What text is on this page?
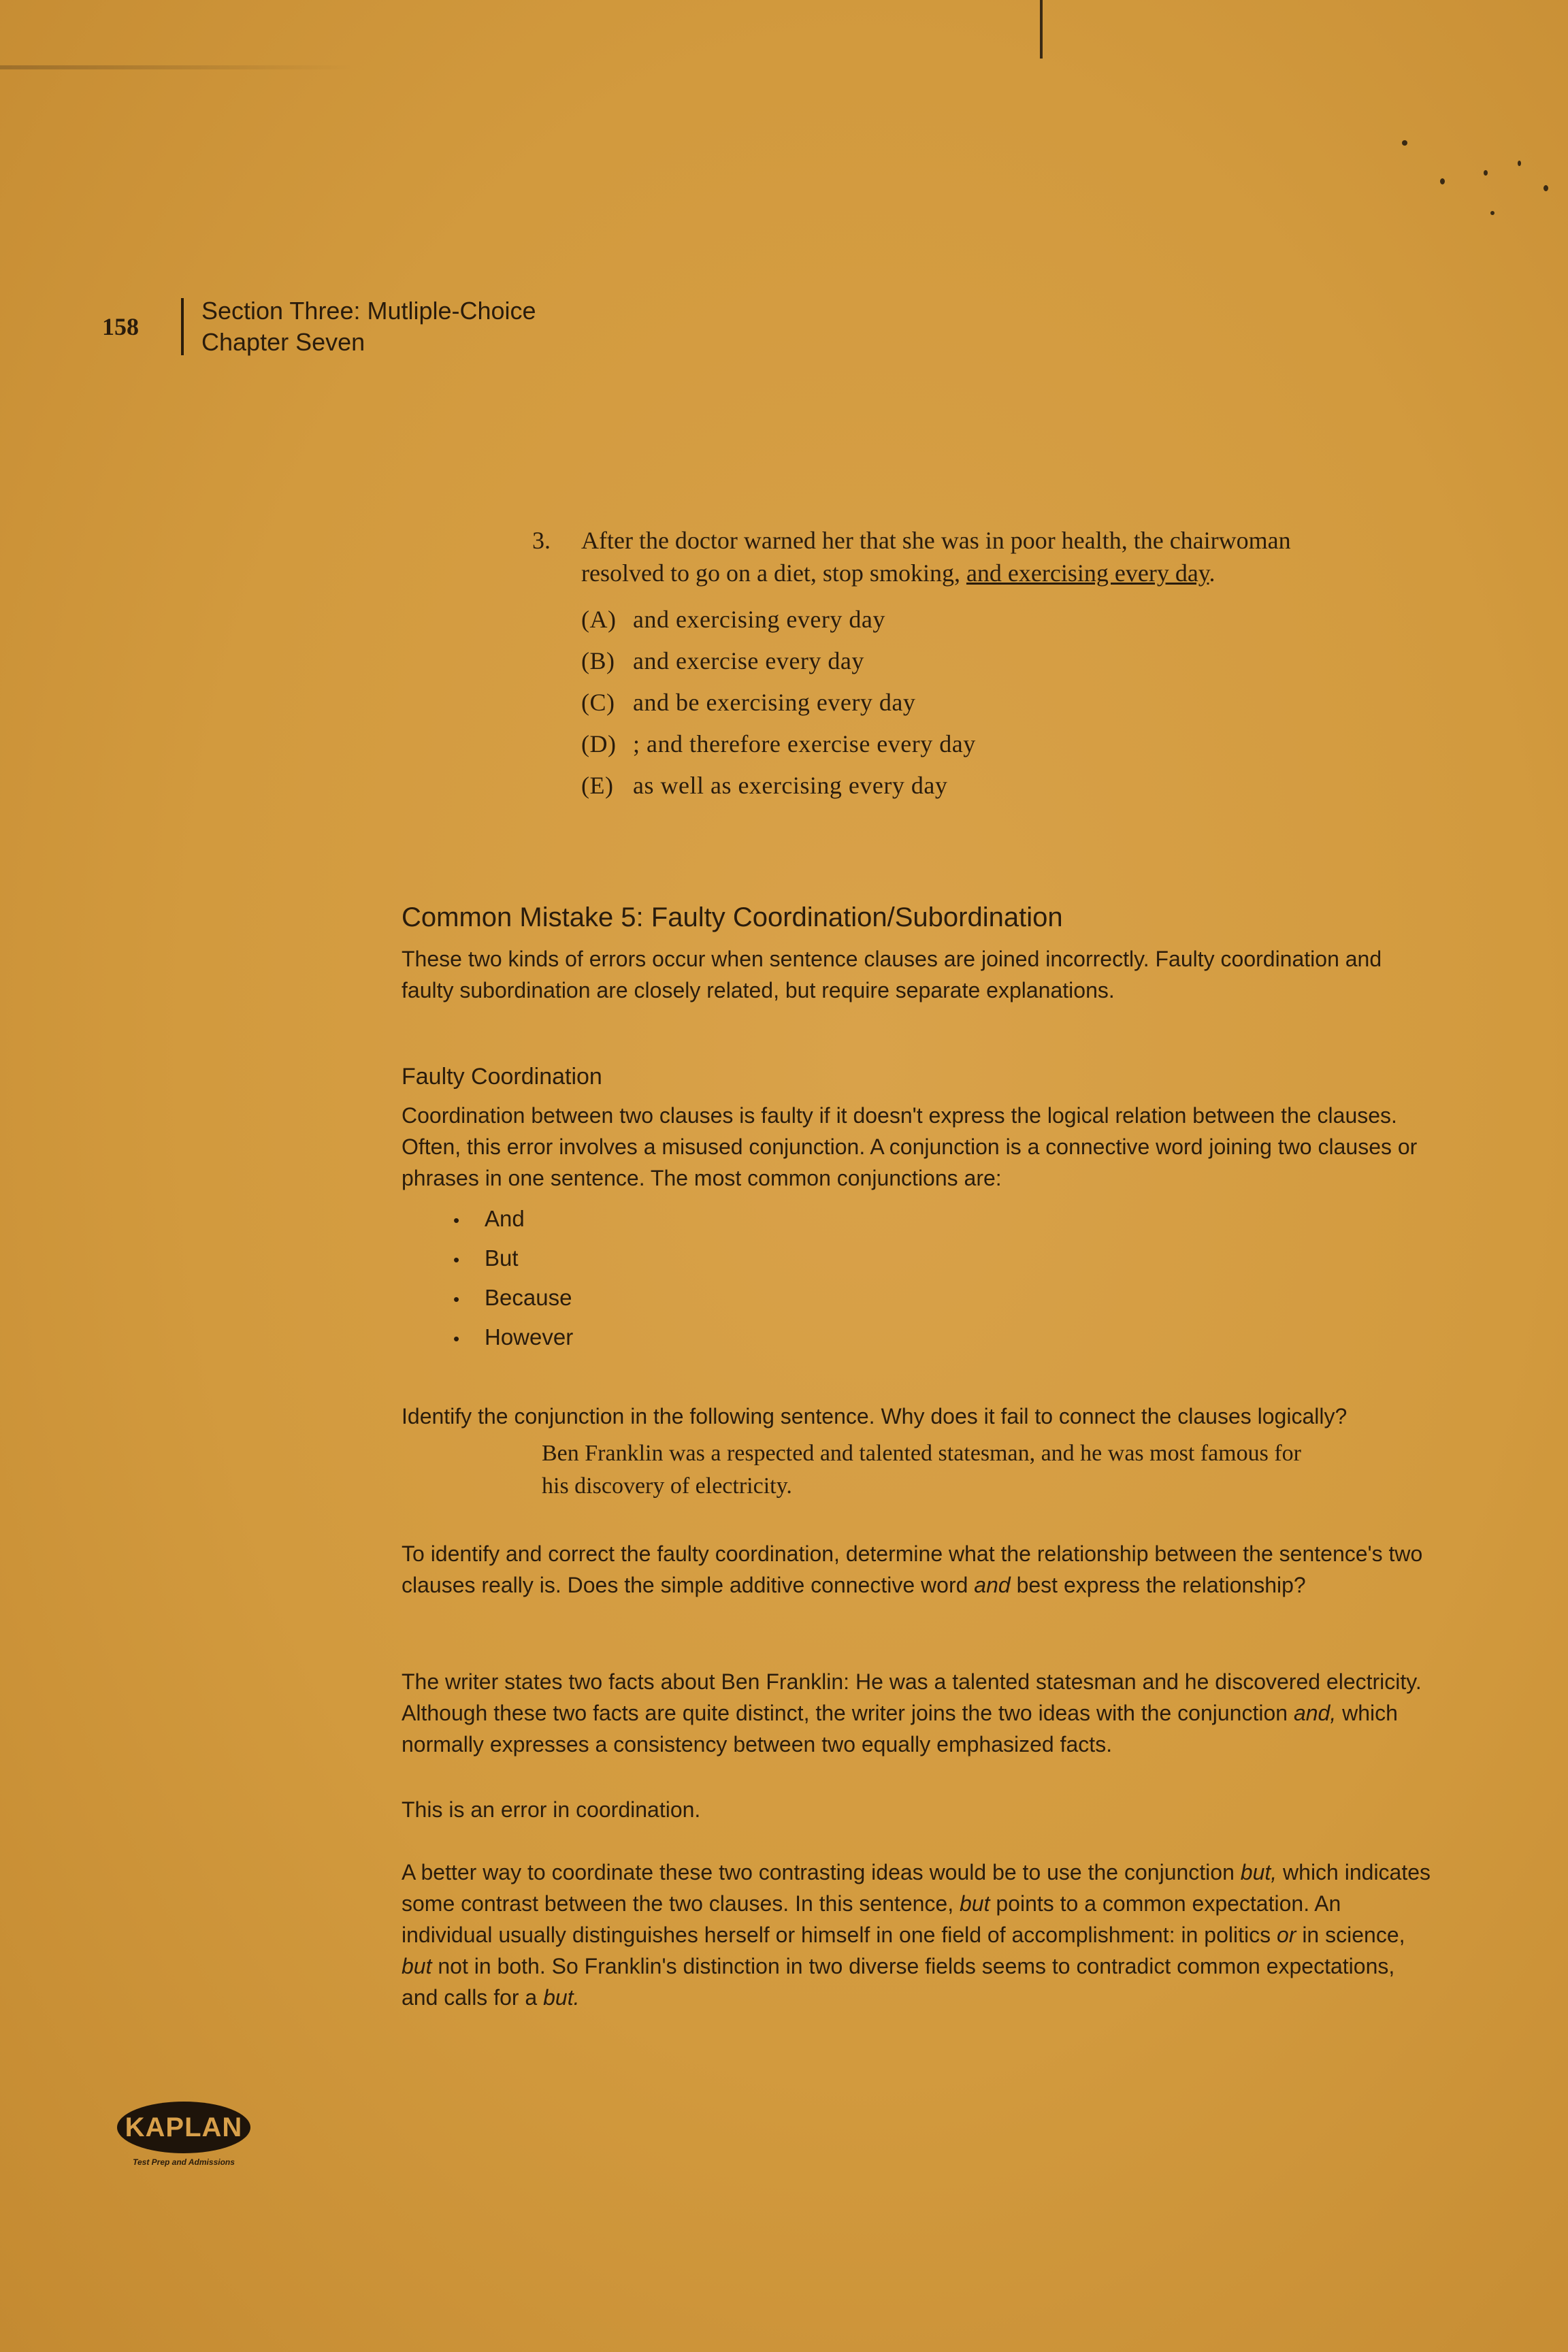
158
Section Three: Mutliple-Choice
Chapter Seven
3.	After the doctor warned her that she was in poor health, the chairwoman resolved to go on a diet, stop smoking, and exercising every day.
(A) and exercising every day
(B) and exercise every day
(C) and be exercising every day
(D) ; and therefore exercise every day
(E) as well as exercising every day
Common Mistake 5: Faulty Coordination/Subordination

These two kinds of errors occur when sentence clauses are joined incorrectly. Faulty coordination and faulty subordination are closely related, but require separate explanations.

Faulty Coordination

Coordination between two clauses is faulty if it doesn't express the logical relation between the clauses. Often, this error involves a misused conjunction. A conjunction is a connective word joining two clauses or phrases in one sentence. The most common conjunctions are:

• And
• But
• Because
• However

Identify the conjunction in the following sentence. Why does it fail to connect the clauses logically?

Ben Franklin was a respected and talented statesman, and he was most famous for his discovery of electricity.

To identify and correct the faulty coordination, determine what the relationship between the sentence's two clauses really is. Does the simple additive connective word and best express the relationship?

The writer states two facts about Ben Franklin: He was a talented statesman and he discovered electricity. Although these two facts are quite distinct, the writer joins the two ideas with the conjunction and, which normally expresses a consistency between two equally emphasized facts.

This is an error in coordination.

A better way to coordinate these two contrasting ideas would be to use the conjunction but, which indicates some contrast between the two clauses. In this sentence, but points to a common expectation. An individual usually distinguishes herself or himself in one field of accomplishment: in politics or in science, but not in both. So Franklin's distinction in two diverse fields seems to contradict common expectations, and calls for a but.

KAPLAN
Test Prep and Admissions
